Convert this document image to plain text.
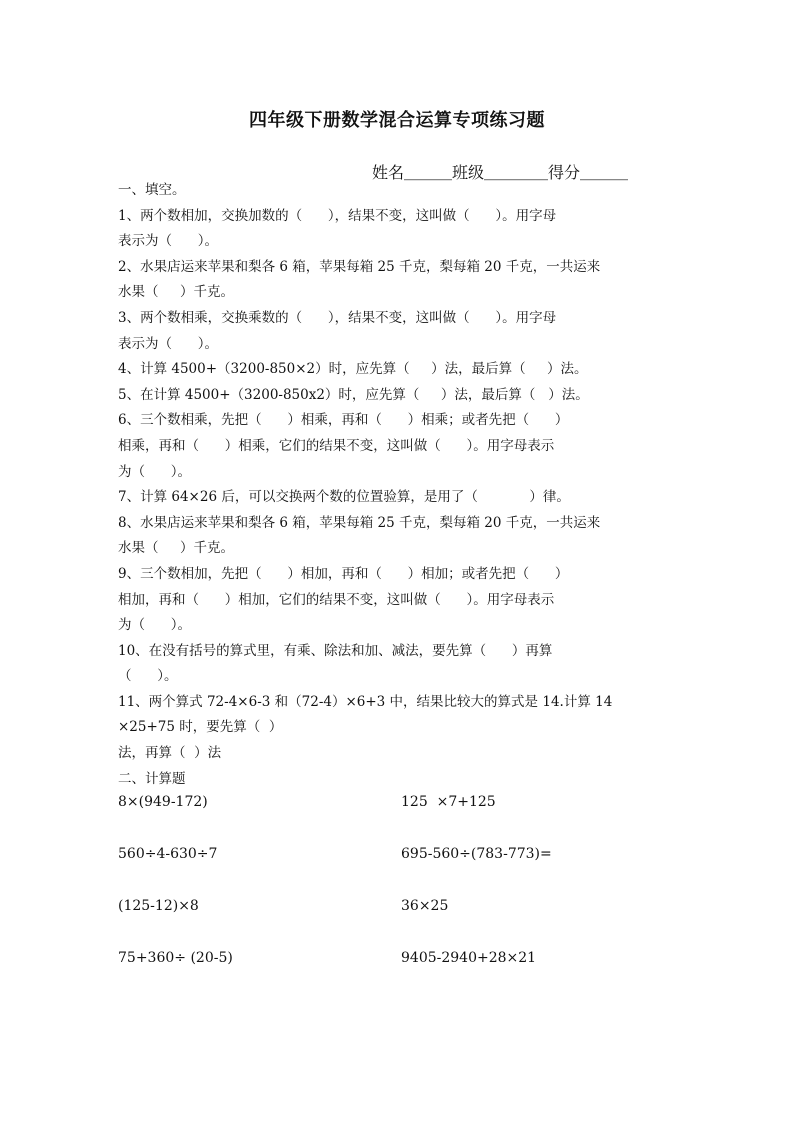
四年级下册数学混合运算专项练习题
姓名＿＿＿班级＿＿＿＿得分＿＿＿
一、填空。
1、两个数相加，交换加数的（      ），结果不变，这叫做（      ）。用字母
表示为（      ）。
2、水果店运来苹果和梨各 6 箱，苹果每箱 25 千克，梨每箱 20 千克，一共运来
水果（     ）千克。
3、两个数相乘，交换乘数的（      ），结果不变，这叫做（      ）。用字母
表示为（      ）。
4、计算 4500+（3200-850×2）时，应先算（     ）法，最后算（     ）法。
5、在计算 4500+（3200-850x2）时，应先算（     ）法，最后算（   ）法。
6、三个数相乘，先把（      ）相乘，再和（      ）相乘；或者先把（      ）
相乘，再和（      ）相乘，它们的结果不变，这叫做（      ）。用字母表示
为（      ）。
7、计算 64×26 后，可以交换两个数的位置验算，是用了（            ）律。
8、水果店运来苹果和梨各 6 箱，苹果每箱 25 千克，梨每箱 20 千克，一共运来
水果（     ）千克。
9、三个数相加，先把（      ）相加，再和（      ）相加；或者先把（      ）
相加，再和（      ）相加，它们的结果不变，这叫做（      ）。用字母表示
为（      ）。
10、在没有括号的算式里，有乘、除法和加、减法，要先算（      ）再算
（      ）。
11、两个算式 72-4×6-3 和（72-4）×6+3 中，结果比较大的算式是 14.计算 14
×25+75 时，要先算（  ）
法，再算（  ）法
二、计算题
8×(949-172)	125  ×7+125
560÷4-630÷7	695-560÷(783-773)=
(125-12)×8	36×25
75+360÷ (20-5)	9405-2940+28×21
